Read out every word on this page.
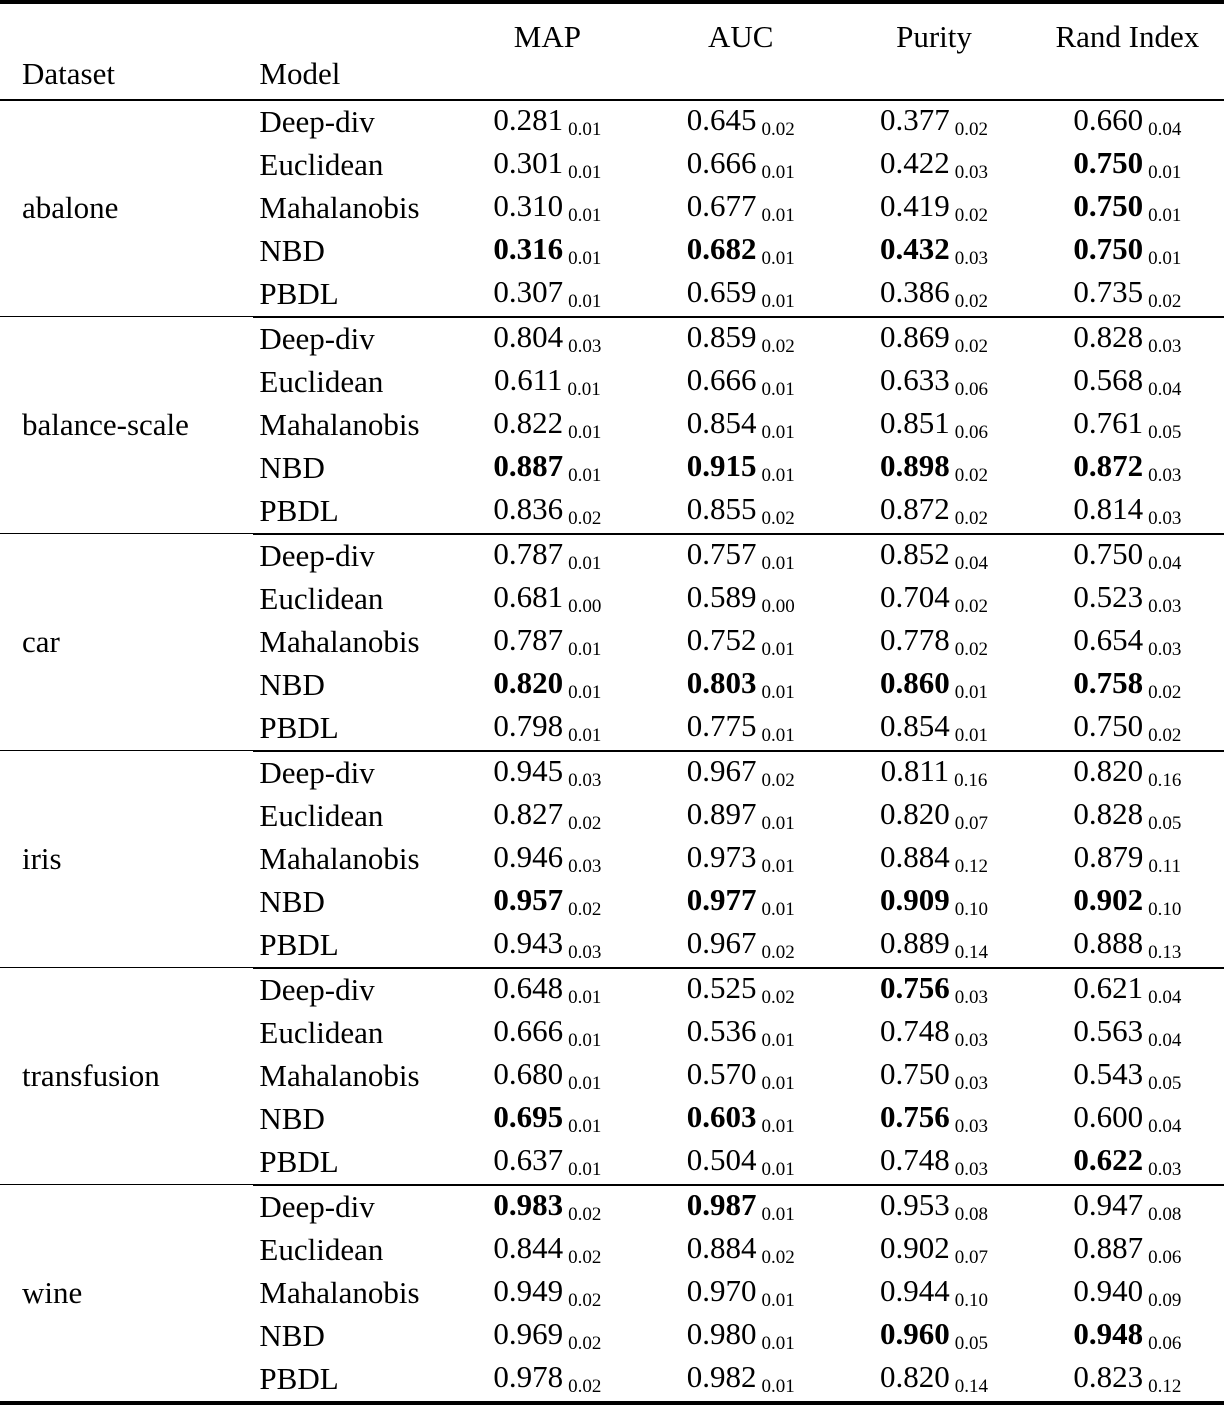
		MAP	AUC	Purity	Rand Index
Dataset	Model				

abalone	Deep-div	0.281 0.01	0.645 0.02	0.377 0.02	0.660 0.04
	Euclidean	0.301 0.01	0.666 0.01	0.422 0.03	0.750 0.01
	Mahalanobis	0.310 0.01	0.677 0.01	0.419 0.02	0.750 0.01
	NBD	0.316 0.01	0.682 0.01	0.432 0.03	0.750 0.01
	PBDL	0.307 0.01	0.659 0.01	0.386 0.02	0.735 0.02

balance-scale	Deep-div	0.804 0.03	0.859 0.02	0.869 0.02	0.828 0.03
	Euclidean	0.611 0.01	0.666 0.01	0.633 0.06	0.568 0.04
	Mahalanobis	0.822 0.01	0.854 0.01	0.851 0.06	0.761 0.05
	NBD	0.887 0.01	0.915 0.01	0.898 0.02	0.872 0.03
	PBDL	0.836 0.02	0.855 0.02	0.872 0.02	0.814 0.03

car	Deep-div	0.787 0.01	0.757 0.01	0.852 0.04	0.750 0.04
	Euclidean	0.681 0.00	0.589 0.00	0.704 0.02	0.523 0.03
	Mahalanobis	0.787 0.01	0.752 0.01	0.778 0.02	0.654 0.03
	NBD	0.820 0.01	0.803 0.01	0.860 0.01	0.758 0.02
	PBDL	0.798 0.01	0.775 0.01	0.854 0.01	0.750 0.02

iris	Deep-div	0.945 0.03	0.967 0.02	0.811 0.16	0.820 0.16
	Euclidean	0.827 0.02	0.897 0.01	0.820 0.07	0.828 0.05
	Mahalanobis	0.946 0.03	0.973 0.01	0.884 0.12	0.879 0.11
	NBD	0.957 0.02	0.977 0.01	0.909 0.10	0.902 0.10
	PBDL	0.943 0.03	0.967 0.02	0.889 0.14	0.888 0.13

transfusion	Deep-div	0.648 0.01	0.525 0.02	0.756 0.03	0.621 0.04
	Euclidean	0.666 0.01	0.536 0.01	0.748 0.03	0.563 0.04
	Mahalanobis	0.680 0.01	0.570 0.01	0.750 0.03	0.543 0.05
	NBD	0.695 0.01	0.603 0.01	0.756 0.03	0.600 0.04
	PBDL	0.637 0.01	0.504 0.01	0.748 0.03	0.622 0.03

wine	Deep-div	0.983 0.02	0.987 0.01	0.953 0.08	0.947 0.08
	Euclidean	0.844 0.02	0.884 0.02	0.902 0.07	0.887 0.06
	Mahalanobis	0.949 0.02	0.970 0.01	0.944 0.10	0.940 0.09
	NBD	0.969 0.02	0.980 0.01	0.960 0.05	0.948 0.06
	PBDL	0.978 0.02	0.982 0.01	0.820 0.14	0.823 0.12
